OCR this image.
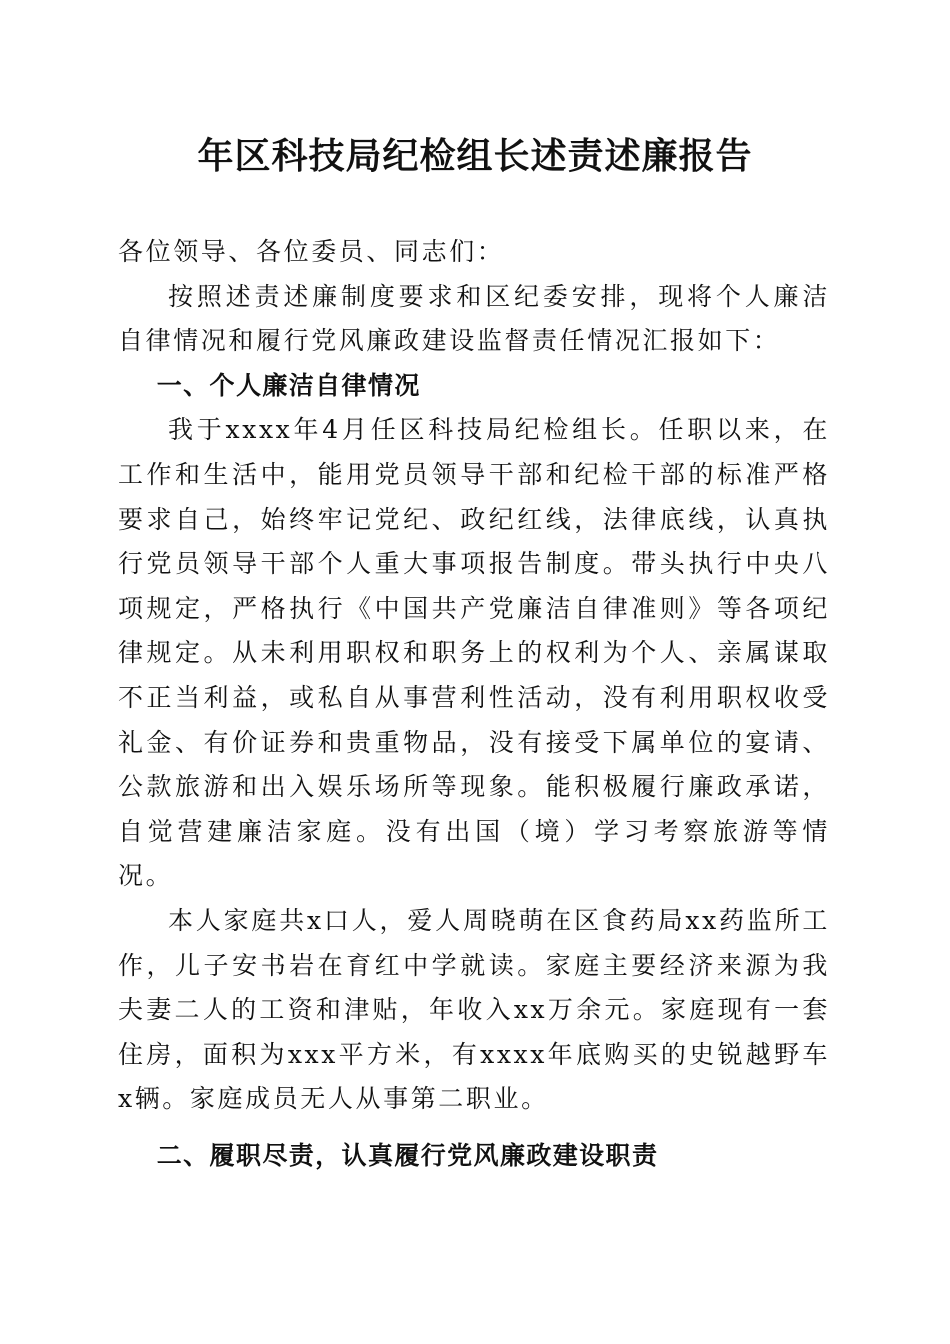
年区科技局纪检组长述责述廉报告

各位领导、各位委员、同志们：

按照述责述廉制度要求和区纪委安排，现将个人廉洁自律情况和履行党风廉政建设监督责任情况汇报如下：

一、个人廉洁自律情况

我于xxxx年4月任区科技局纪检组长。任职以来，在工作和生活中，能用党员领导干部和纪检干部的标准严格要求自己，始终牢记党纪、政纪红线，法律底线，认真执行党员领导干部个人重大事项报告制度。带头执行中央八项规定，严格执行《中国共产党廉洁自律准则》等各项纪律规定。从未利用职权和职务上的权利为个人、亲属谋取不正当利益，或私自从事营利性活动，没有利用职权收受礼金、有价证券和贵重物品，没有接受下属单位的宴请、公款旅游和出入娱乐场所等现象。能积极履行廉政承诺，自觉营建廉洁家庭。没有出国（境）学习考察旅游等情况。

本人家庭共x口人，爱人周晓萌在区食药局xx药监所工作，儿子安书岩在育红中学就读。家庭主要经济来源为我夫妻二人的工资和津贴，年收入xx万余元。家庭现有一套住房，面积为xxx平方米，有xxxx年底购买的史锐越野车x辆。家庭成员无人从事第二职业。

二、履职尽责，认真履行党风廉政建设职责
